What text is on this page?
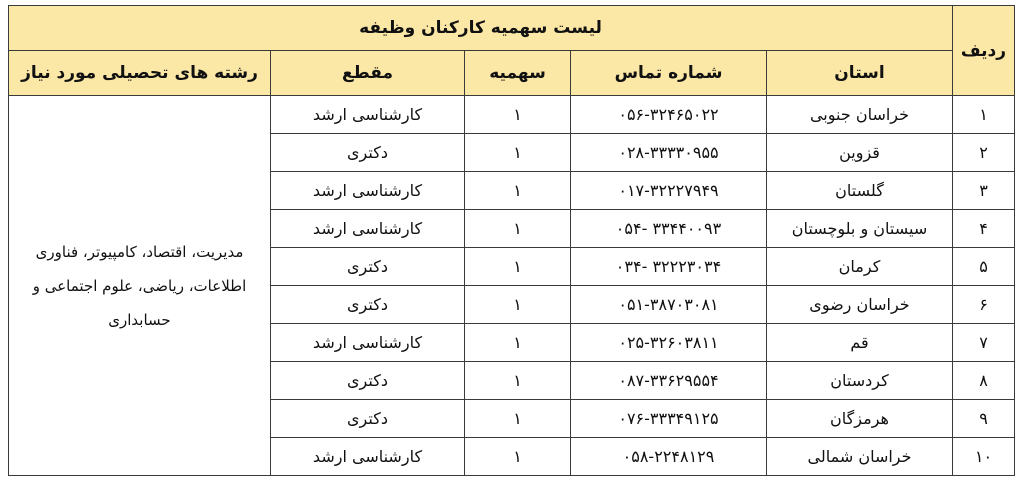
ردیف	لیست سهمیه کارکنان وظیفه				
	استان	شماره تماس	سهمیه	مقطع	رشته های تحصیلی مورد نیاز
۱	خراسان جنوبی	۰۵۶-۳۲۴۶۵۰۲۲	۱	کارشناسی ارشد	مدیریت، اقتصاد، کامپیوتر، فناوری اطلاعات، ریاضی، علوم اجتماعی و حسابداری
۲	قزوین	۰۲۸-۳۳۳۳۰۹۵۵	۱	دکتری	
۳	گلستان	۰۱۷-۳۲۲۲۷۹۴۹	۱	کارشناسی ارشد	
۴	سیستان و بلوچستان	۰۵۴- ۳۳۴۴۰۰۹۳	۱	کارشناسی ارشد	
۵	کرمان	۰۳۴- ۳۲۲۲۳۰۳۴	۱	دکتری	
۶	خراسان رضوی	۰۵۱-۳۸۷۰۳۰۸۱	۱	دکتری	
۷	قم	۰۲۵-۳۲۶۰۳۸۱۱	۱	کارشناسی ارشد	
۸	کردستان	۰۸۷-۳۳۶۲۹۵۵۴	۱	دکتری	
۹	هرمزگان	۰۷۶-۳۳۳۴۹۱۲۵	۱	دکتری	
۱۰	خراسان شمالی	۰۵۸-۲۲۴۸۱۲۹	۱	کارشناسی ارشد	
